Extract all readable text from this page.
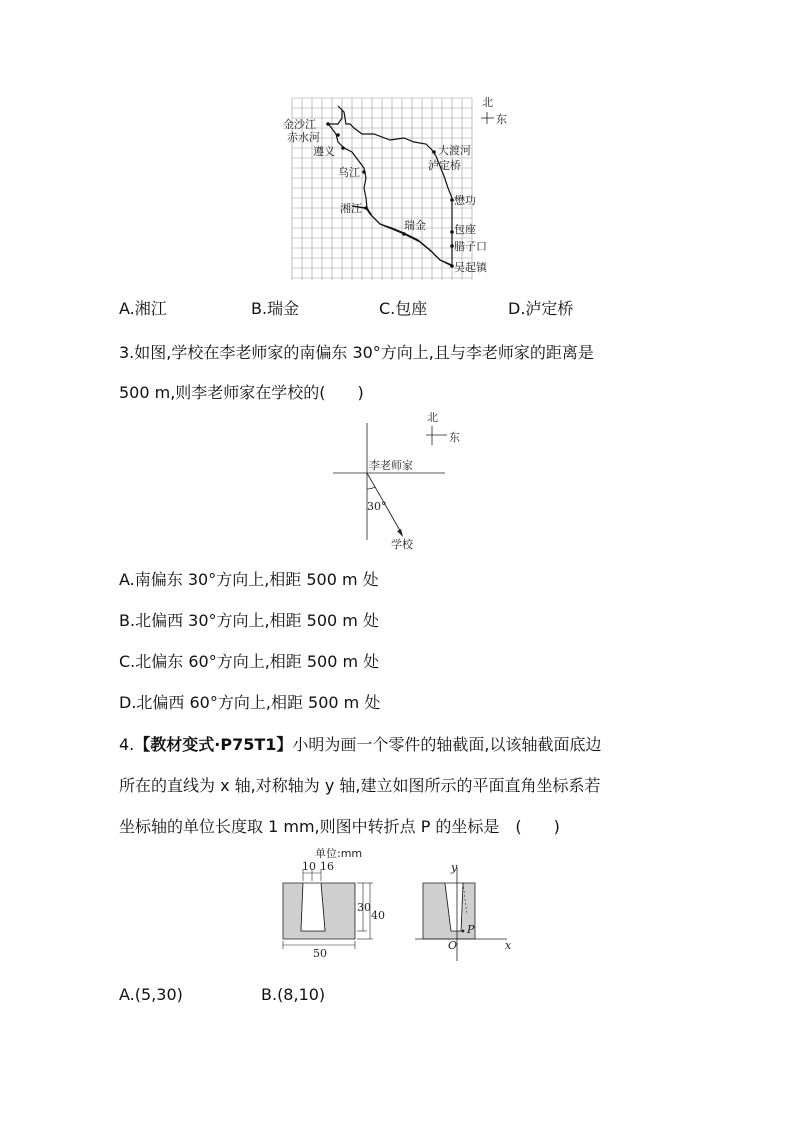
北
东
金沙江
赤水河
遵义
乌江
湘江
瑞金
大渡河
泸定桥
懋功
包座
腊子口
吴起镇
A.湘江	B.瑞金	C.包座	D.泸定桥
3.如图,学校在李老师家的南偏东 30°方向上,且与李老师家的距离是
500 m,则李老师家在学校的(　　)
北
东
李老师家
30°
学校
A.南偏东 30°方向上,相距 500 m 处
B.北偏西 30°方向上,相距 500 m 处
C.北偏东 60°方向上,相距 500 m 处
D.北偏西 60°方向上,相距 500 m 处
4.【教材变式·P75T1】小明为画一个零件的轴截面,以该轴截面底边
所在的直线为 x 轴,对称轴为 y 轴,建立如图所示的平面直角坐标系若
坐标轴的单位长度取 1 mm,则图中转折点 P 的坐标是　(　　)
单位:mm
10 16
30
40
50
y
x
O
P
A.(5,30)	B.(8,10)
